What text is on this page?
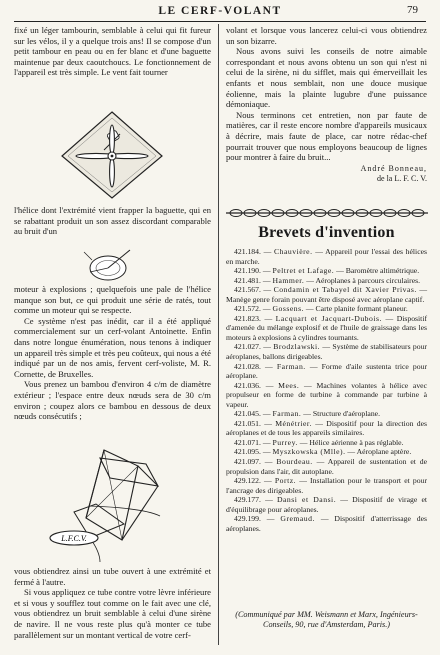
LE CERF-VOLANT	79

fixé un léger tambourin, semblable à celui qui fit fureur sur les vélos, il y a quelque trois ans! Il se compose d'un petit tambour en peau ou en fer blanc et d'une baguette maintenue par deux caoutchoucs. Le fonctionnement de l'appareil est très simple. Le vent fait tourner

l'hélice dont l'extrémité vient frapper la baguette, qui en se rabattant produit un son assez discordant comparable au bruit d'un

moteur à explosions ; quelquefois une pale de l'hélice manque son but, ce qui produit une série de ratés, tout comme un moteur qui se respecte.

Ce système n'est pas inédit, car il a été appliqué commercialement sur un cerf-volant Antoinette. Enfin dans notre longue énumération, nous tenons à indiquer un appareil très simple et très peu coûteux, qui nous a été indiqué par un de nos amis, fervent cerf-voliste, M. R. Cornette, de Bruxelles.

Vous prenez un bambou d'environ 4 c/m de diamètre extérieur ; l'espace entre deux nœuds sera de 30 c/m environ ; coupez alors ce bambou en dessous de deux nœuds consécutifs ;

L.F.C.V.

vous obtiendrez ainsi un tube ouvert à une extrémité et fermé à l'autre.

Si vous appliquez ce tube contre votre lèvre inférieure et si vous y soufflez tout comme on le fait avec une clé, vous obtiendrez un bruit semblable à celui d'une sirène de navire. Il ne vous reste plus qu'à monter ce tube parallèlement sur un montant vertical de votre cerf-

volant et lorsque vous lancerez celui-ci vous obtiendrez un son bizarre.

Nous avons suivi les conseils de notre aimable correspondant et nous avons obtenu un son qui n'est ni celui de la sirène, ni du sifflet, mais qui émerveillait les enfants et nous semblait, non une douce musique éolienne, mais la plainte lugubre d'une puissance démoniaque.

Nous terminons cet entretien, non par faute de matières, car il reste encore nombre d'appareils musicaux à décrire, mais faute de place, car notre rédac-chef pourrait trouver que nous employons beaucoup de lignes pour montrer à faire du bruit...

André Bonneau,
de la L. F. C. V.
Brevets d'invention
421.184. — Chauvière. — Appareil pour l'essai des hélices en marche.
421.190. — Peltret et Lafage. — Baromètre altimétrique.
421.481. — Hammer. — Aéroplanes à parcours circulaires.
421.567. — Condamin et Tabayel dit Xavier Privas. — Manège genre forain pouvant être disposé avec aéroplane captif.
421.572. — Gossens. — Carte planite formant planeur.
421.823. — Lacquart et Jacquart-Dubois. — Dispositif d'amenée du mélange explosif et de l'huile de graissage dans les moteurs à explosions à cylindres tournants.
421.027. — Brodzlawski. — Système de stabilisateurs pour aéroplanes, ballons dirigeables.
421.028. — Farman. — Forme d'aile sustenta trice pour aéroplane.
421.036. — Mees. — Machines volantes à hélice avec propulseur en forme de turbine à commande par turbine à vapeur.
421.045. — Farman. — Structure d'aéroplane.
421.051. — Ménétrier. — Dispositif pour la direction des aéroplanes et de tous les appareils similaires.
421.071. — Purrey. — Hélice aérienne à pas réglable.
421.095. — Myszkowska (Mlle). — Aéroplane aptère.
421.097. — Bourdeau. — Appareil de sustentation et de propulsion dans l'air, dit autoplane.
429.122. — Portz. — Installation pour le transport et pour l'ancrage des dirigeables.
429.177. — Dansi et Dansi. — Dispositif de virage et d'équilibrage pour aéroplanes.
429.199. — Gremaud. — Dispositif d'atterrissage des aéroplanes.
(Communiqué par MM. Weismann et Marx, Ingénieurs-Conseils, 90, rue d'Amsterdam, Paris.)
